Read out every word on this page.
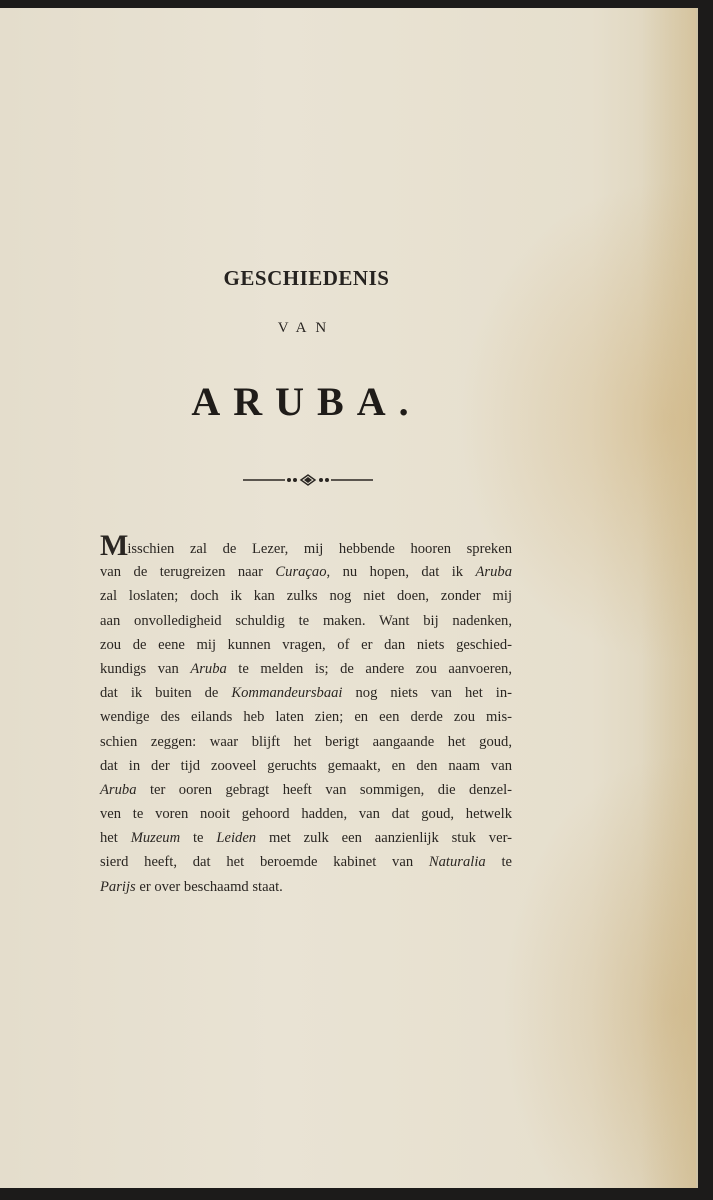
GESCHIEDENIS
VAN
ARUBA.
Misschien zal de Lezer, mij hebbende hooren spreken
van de terugreizen naar Curaçao, nu hopen, dat ik Aruba
zal loslaten; doch ik kan zulks nog niet doen, zonder mij
aan onvolledigheid schuldig te maken. Want bij nadenken,
zou de eene mij kunnen vragen, of er dan niets geschied-
kundigs van Aruba te melden is; de andere zou aanvoeren,
dat ik buiten de Kommandeursbaai nog niets van het in-
wendige des eilands heb laten zien; en een derde zou mis-
schien zeggen: waar blijft het berigt aangaande het goud,
dat in der tijd zooveel geruchts gemaakt, en den naam van
Aruba ter ooren gebragt heeft van sommigen, die denzel-
ven te voren nooit gehoord hadden, van dat goud, hetwelk
het Muzeum te Leiden met zulk een aanzienlijk stuk ver-
sierd heeft, dat het beroemde kabinet van Naturalia te
Parijs er over beschaamd staat.
